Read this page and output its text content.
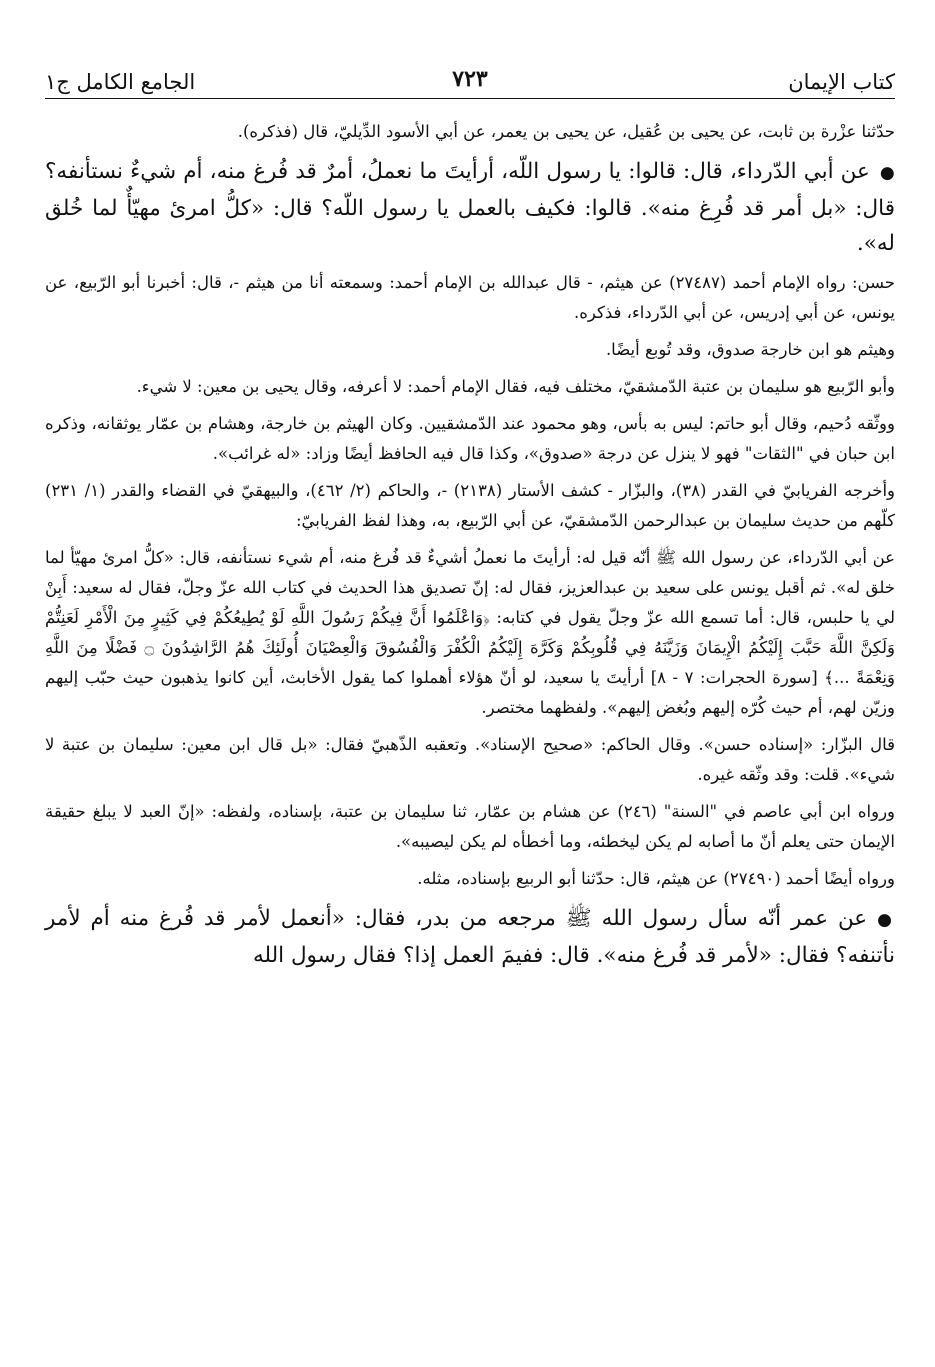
كتاب الإيمان
٧٢٣
الجامع الكامل ج١

حدّثنا عزْرة بن ثابت، عن يحيى بن عُقيل، عن يحيى بن يعمر، عن أبي الأسود الدِّيليّ، قال (فذكره).

●عن أبي الدّرداء، قال: قالوا: يا رسول اللّه، أرأيتَ ما نعملُ، أمرٌ قد فُرغ منه، أم شيءٌ نستأنفه؟ قال: «بل أمر قد فُرِغ منه». قالوا: فكيف بالعمل يا رسول اللّه؟ قال: «كلُّ امرئ مهيّأٌ لما خُلق له».

حسن: رواه الإمام أحمد (٢٧٤٨٧) عن هيثم، - قال عبدالله بن الإمام أحمد: وسمعته أنا من هيثم -، قال: أخبرنا أبو الرّبيع، عن يونس، عن أبي إدريس، عن أبي الدّرداء، فذكره.

وهيثم هو ابن خارجة صدوق، وقد تُوبع أيضًا.

وأبو الرّبيع هو سليمان بن عتبة الدّمشقيّ، مختلف فيه، فقال الإمام أحمد: لا أعرفه، وقال يحيى بن معين: لا شيء.

ووثّقه دُحيم، وقال أبو حاتم: ليس به بأس، وهو محمود عند الدّمشقيين. وكان الهيثم بن خارجة، وهشام بن عمّار يوثقانه، وذكره ابن حبان في "الثقات" فهو لا ينزل عن درجة «صدوق»، وكذا قال فيه الحافظ أيضًا وزاد: «له غرائب».

وأخرجه الفريابيّ في القدر (٣٨)، والبزّار - كشف الأستار (٢١٣٨) -، والحاكم (٢/ ٤٦٢)، والبيهقيّ في القضاء والقدر (١/ ٢٣١) كلّهم من حديث سليمان بن عبدالرحمن الدّمشقيّ، عن أبي الرّبيع، به، وهذا لفظ الفريابيّ:

عن أبي الدّرداء، عن رسول الله ﷺ أنّه قيل له: أرأيتَ ما نعملُ أشيءٌ قد فُرغ منه، أم شيء نستأنفه، قال: «كلُّ امرئ مهيّأ لما خلق له». ثم أقبل يونس على سعيد بن عبدالعزيز، فقال له: إنّ تصديق هذا الحديث في كتاب الله عزّ وجلّ، فقال له سعيد: أَبِنْ لي يا حلبس، قال: أما تسمع الله عزّ وجلّ يقول في كتابه: ﴿وَاعْلَمُوا أَنَّ فِيكُمْ رَسُولَ اللَّهِ لَوْ يُطِيعُكُمْ فِي كَثِيرٍ مِنَ الْأَمْرِ لَعَنِتُّمْ وَلَكِنَّ اللَّهَ حَبَّبَ إِلَيْكُمُ الْإِيمَانَ وَزَيَّنَهُ فِي قُلُوبِكُمْ وَكَرَّهَ إِلَيْكُمُ الْكُفْرَ وَالْفُسُوقَ وَالْعِصْيَانَ أُولَئِكَ هُمُ الرَّاشِدُونَ ۝ فَضْلًا مِنَ اللَّهِ وَنِعْمَةً ...﴾ [سورة الحجرات: ٧ - ٨] أرأيتَ يا سعيد، لو أنّ هؤلاء أهملوا كما يقول الأخابث، أين كانوا يذهبون حيث حبّب إليهم وزيّن لهم، أم حيث كُرّه إليهم وبُغض إليهم». ولفظهما مختصر.

قال البزّار: «إسناده حسن». وقال الحاكم: «صحيح الإسناد». وتعقبه الذّهبيّ فقال: «بل قال ابن معين: سليمان بن عتبة لا شيء». قلت: وقد وثّقه غيره.

ورواه ابن أبي عاصم في "السنة" (٢٤٦) عن هشام بن عمّار، ثنا سليمان بن عتبة، بإسناده، ولفظه: «إنّ العبد لا يبلغ حقيقة الإيمان حتى يعلم أنّ ما أصابه لم يكن ليخطئه، وما أخطأه لم يكن ليصيبه».

ورواه أيضًا أحمد (٢٧٤٩٠) عن هيثم، قال: حدّثنا أبو الربيع بإسناده، مثله.

●عن عمر أنّه سأل رسول الله ﷺ مرجعه من بدر، فقال: «أنعمل لأمر قد فُرغ منه أم لأمر نأتنفه؟ فقال: «لأمر قد فُرغ منه». قال: ففيمَ العمل إذا؟ فقال رسول الله
